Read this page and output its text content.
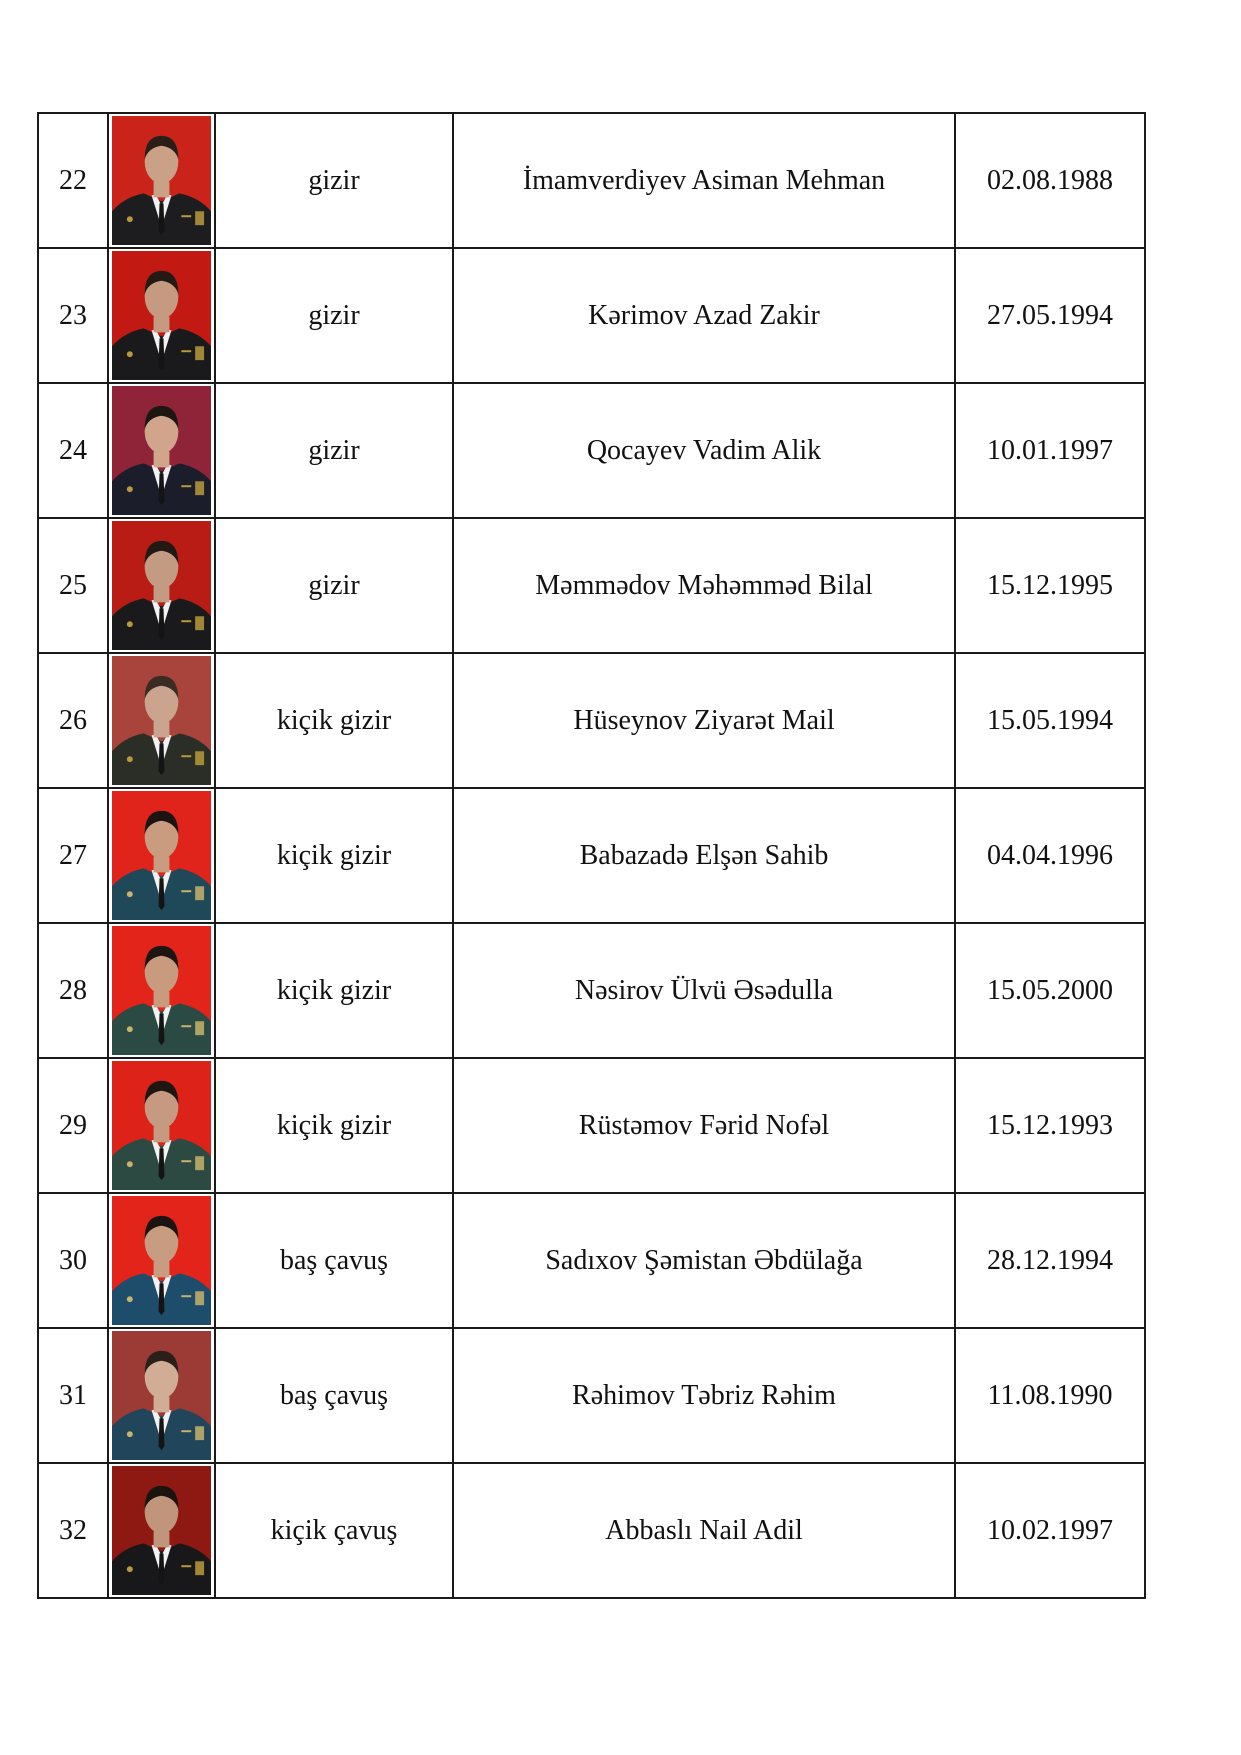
22		gizir	İmamverdiyev Asiman Mehman	02.08.1988
23		gizir	Kərimov Azad Zakir	27.05.1994
24		gizir	Qocayev Vadim Alik	10.01.1997
25		gizir	Məmmədov Məhəmməd Bilal	15.12.1995
26		kiçik gizir	Hüseynov Ziyarət Mail	15.05.1994
27		kiçik gizir	Babazadə Elşən Sahib	04.04.1996
28		kiçik gizir	Nəsirov Ülvü Əsədulla	15.05.2000
29		kiçik gizir	Rüstəmov Fərid Nofəl	15.12.1993
30		baş çavuş	Sadıxov Şəmistan Əbdülağa	28.12.1994
31		baş çavuş	Rəhimov Təbriz Rəhim	11.08.1990
32		kiçik çavuş	Abbaslı Nail Adil	10.02.1997
